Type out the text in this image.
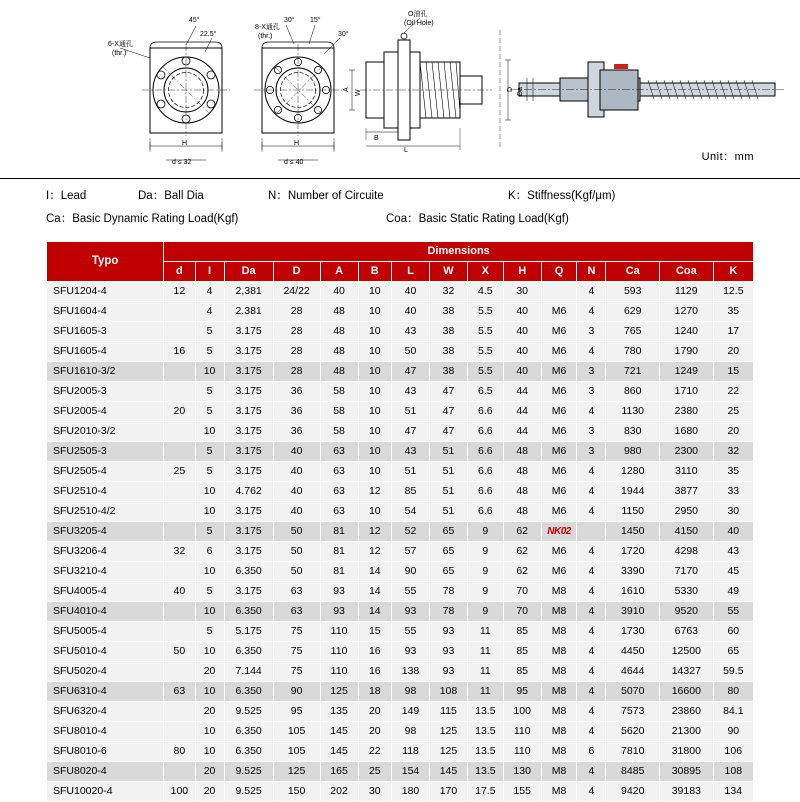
6-X通孔
(thr.)
45°
22.5°
8-X通孔
(thr.)
30° 15°
30°
O油孔
(Oil Hole)
d ≤ 32	d ≤ 40
H	H
A W
B
L
D Da
Unit：mm
I：Lead	Da：Ball Dia	N：Number of Circuite	K：Stiffness(Kgf/μm)
Ca：Basic Dynamic Rating Load(Kgf)	Coa：Basic Static Rating Load(Kgf)
Typo	Dimensions														
	d	I	Da	D	A	B	L	W	X	H	Q	N	Ca	Coa	K
SFU1204-4	12	4	2,381	24/22	40	10	40	32	4.5	30		4	593	1129	12.5
SFU1604-4		4	2.381	28	48	10	40	38	5.5	40	M6	4	629	1270	35
SFU1605-3		5	3.175	28	48	10	43	38	5.5	40	M6	3	765	1240	17
SFU1605-4	16	5	3.175	28	48	10	50	38	5.5	40	M6	4	780	1790	20
SFU1610-3/2		10	3.175	28	48	10	47	38	5.5	40	M6	3	721	1249	15
SFU2005-3		5	3.175	36	58	10	43	47	6.5	44	M6	3	860	1710	22
SFU2005-4	20	5	3.175	36	58	10	51	47	6.6	44	M6	4	1130	2380	25
SFU2010-3/2		10	3.175	36	58	10	47	47	6.6	44	M6	3	830	1680	20
SFU2505-3		5	3.175	40	63	10	43	51	6.6	48	M6	3	980	2300	32
SFU2505-4	25	5	3.175	40	63	10	51	51	6.6	48	M6	4	1280	3110	35
SFU2510-4		10	4.762	40	63	12	85	51	6.6	48	M6	4	1944	3877	33
SFU2510-4/2		10	3.175	40	63	10	54	51	6.6	48	M6	4	1150	2950	30
SFU3205-4		5	3.175	50	81	12	52	65	9	62	NK02		1450	4150	40
SFU3206-4	32	6	3.175	50	81	12	57	65	9	62	M6	4	1720	4298	43
SFU3210-4		10	6.350	50	81	14	90	65	9	62	M6	4	3390	7170	45
SFU4005-4	40	5	3.175	63	93	14	55	78	9	70	M8	4	1610	5330	49
SFU4010-4		10	6.350	63	93	14	93	78	9	70	M8	4	3910	9520	55
SFU5005-4		5	5.175	75	110	15	55	93	11	85	M8	4	1730	6763	60
SFU5010-4	50	10	6.350	75	110	16	93	93	11	85	M8	4	4450	12500	65
SFU5020-4		20	7.144	75	110	16	138	93	11	85	M8	4	4644	14327	59.5
SFU6310-4	63	10	6.350	90	125	18	98	108	11	95	M8	4	5070	16600	80
SFU6320-4		20	9.525	95	135	20	149	115	13.5	100	M8	4	7573	23860	84.1
SFU8010-4		10	6.350	105	145	20	98	125	13.5	110	M8	4	5620	21300	90
SFU8010-6	80	10	6.350	105	145	22	118	125	13.5	110	M8	6	7810	31800	106
SFU8020-4		20	9.525	125	165	25	154	145	13.5	130	M8	4	8485	30895	108
SFU10020-4	100	20	9.525	150	202	30	180	170	17.5	155	M8	4	9420	39183	134
